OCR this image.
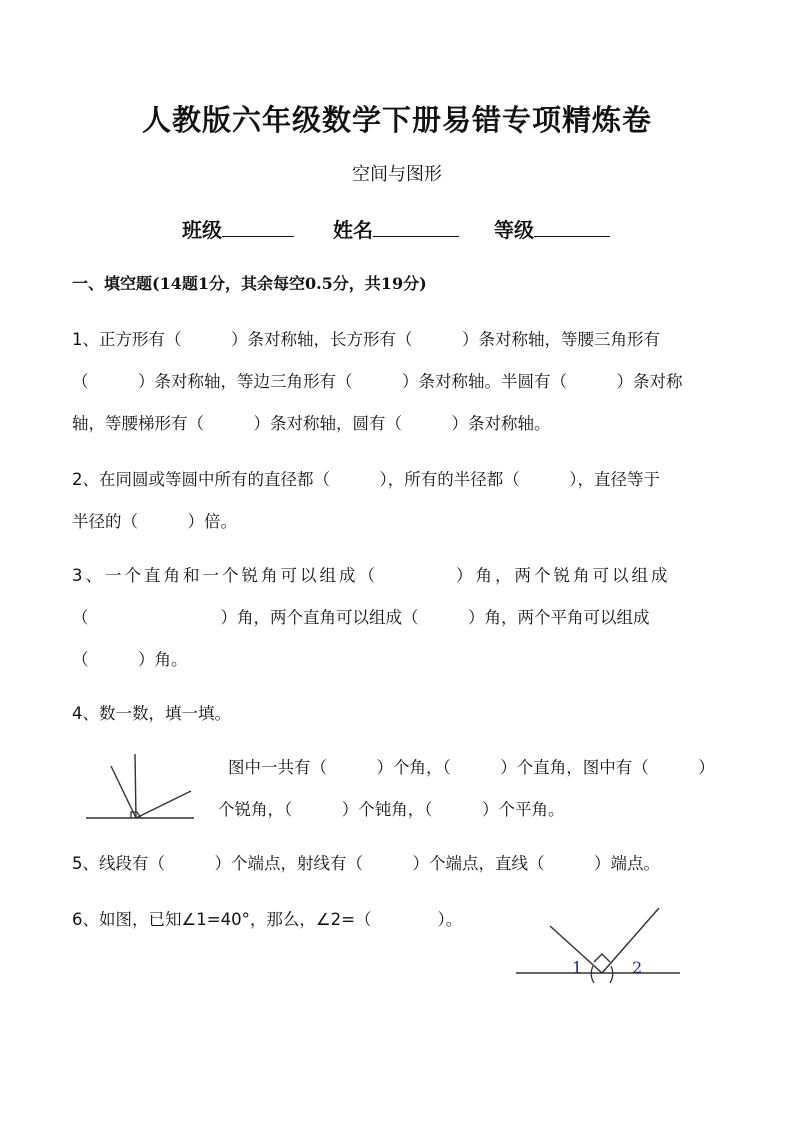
人教版六年级数学下册易错专项精炼卷
空间与图形
班级	姓名	等级
一、填空题(14题1分，其余每空0.5分，共19分)
1、正方形有（　　　）条对称轴，长方形有（　　　）条对称轴，等腰三角形有
（　　　）条对称轴，等边三角形有（　　　）条对称轴。半圆有（　　　）条对称
轴，等腰梯形有（　　　）条对称轴，圆有（　　　）条对称轴。
2、在同圆或等圆中所有的直径都（　　　），所有的半径都（　　　），直径等于
半径的（　　　）倍。
3、一个直角和一个锐角可以组成（　　　　）角，两个锐角可以组成
（　　　　　　　　）角，两个直角可以组成（　　　）角，两个平角可以组成
（　　　）角。
4、数一数，填一填。
图中一共有（　　　）个角，（　　　）个直角，图中有（　　　）
个锐角，（　　　）个钝角，（　　　）个平角。
5、线段有（　　　）个端点，射线有（　　　）个端点，直线（　　　）端点。
6、如图，已知∠1=40°，那么，∠2=（　　　　）。
1	2
